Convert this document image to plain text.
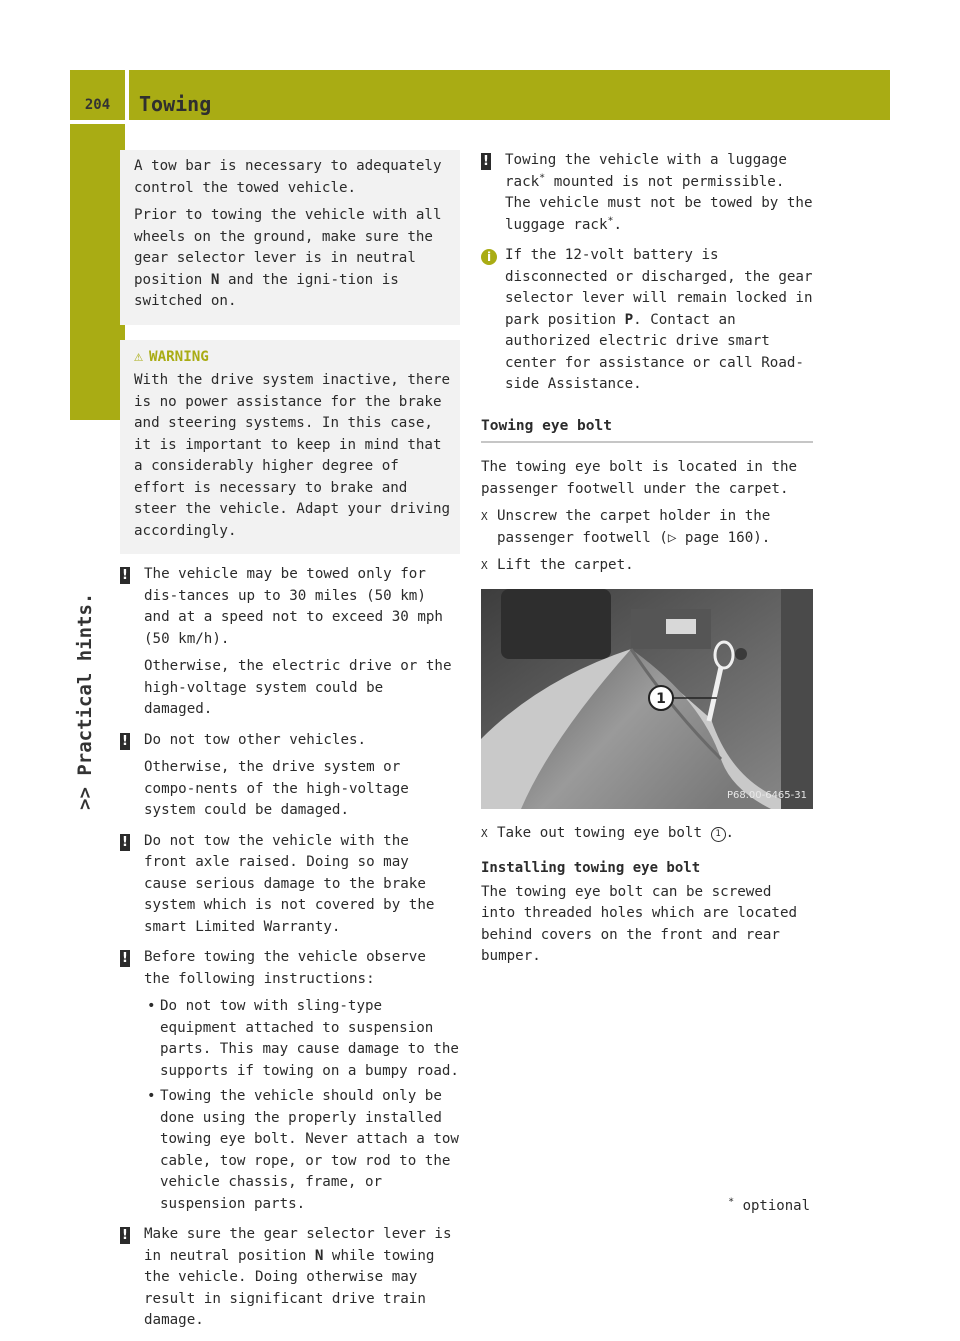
204	Towing
>> Practical hints.

A tow bar is necessary to adequately control the towed vehicle.

Prior to towing the vehicle with all wheels on the ground, make sure the gear selector lever is in neutral position N and the igni-tion is switched on.

⚠ WARNING

With the drive system inactive, there is no power assistance for the brake and steering systems. In this case, it is important to keep in mind that a considerably higher degree of effort is necessary to brake and steer the vehicle. Adapt your driving accordingly.

! The vehicle may be towed only for dis-tances up to 30 miles (50 km) and at a speed not to exceed 30 mph (50 km/h).

Otherwise, the electric drive or the high-voltage system could be damaged.

! Do not tow other vehicles.

Otherwise, the drive system or compo-nents of the high-voltage system could be damaged.

! Do not tow the vehicle with the front axle raised. Doing so may cause serious damage to the brake system which is not covered by the smart Limited Warranty.

! Before towing the vehicle observe the following instructions:

• Do not tow with sling-type equipment attached to suspension parts. This may cause damage to the supports if towing on a bumpy road.
• Towing the vehicle should only be done using the properly installed towing eye bolt. Never attach a tow cable, tow rope, or tow rod to the vehicle chassis, frame, or suspension parts.
! Make sure the gear selector lever is in neutral position N while towing the vehicle. Doing otherwise may result in significant drive train damage.

! Towing the vehicle with a luggage rack* mounted is not permissible. The vehicle must not be towed by the luggage rack*.

i If the 12-volt battery is disconnected or discharged, the gear selector lever will remain locked in park position P. Contact an authorized electric drive smart center for assistance or call Road-side Assistance.

Towing eye bolt

The towing eye bolt is located in the passenger footwell under the carpet.

X Unscrew the carpet holder in the passenger footwell (▷ page 160).
X Lift the carpet.
1
P68.00-6465-31
X Take out towing eye bolt 1 .
Installing towing eye bolt

The towing eye bolt can be screwed into threaded holes which are located behind covers on the front and rear bumper.

* optional
